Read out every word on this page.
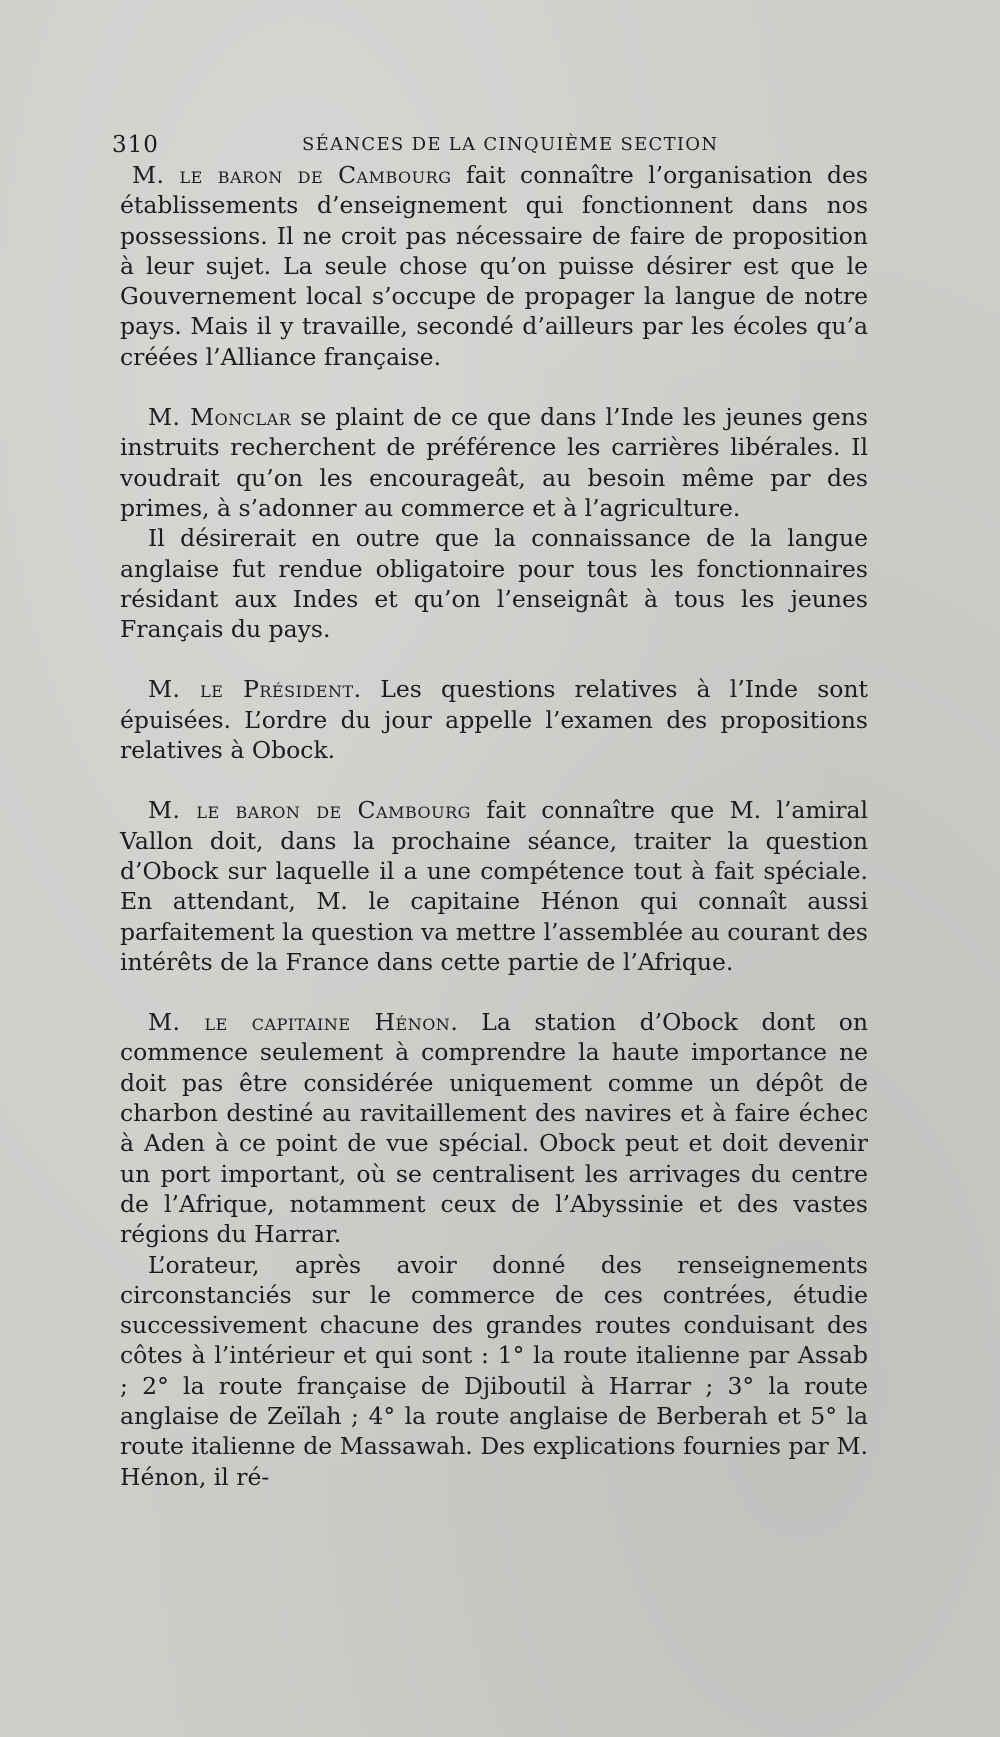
310	SÉANCES DE LA CINQUIÈME SECTION

M. le baron de Cambourg fait connaître l’organisation des établissements d’enseignement qui fonctionnent dans nos possessions. Il ne croit pas nécessaire de faire de proposition à leur sujet. La seule chose qu’on puisse désirer est que le Gouvernement local s’occupe de propager la langue de notre pays. Mais il y travaille, secondé d’ailleurs par les écoles qu’a créées l’Alliance française.

M. Monclar se plaint de ce que dans l’Inde les jeunes gens instruits recherchent de préférence les carrières libérales. Il voudrait qu’on les encourageât, au besoin même par des primes, à s’adonner au commerce et à l’agriculture.

Il désirerait en outre que la connaissance de la langue anglaise fut rendue obligatoire pour tous les fonctionnaires résidant aux Indes et qu’on l’enseignât à tous les jeunes Français du pays.

M. le Président. Les questions relatives à l’Inde sont épuisées. L’ordre du jour appelle l’examen des propositions relatives à Obock.

M. le baron de Cambourg fait connaître que M. l’amiral Vallon doit, dans la prochaine séance, traiter la question d’Obock sur laquelle il a une compétence tout à fait spéciale. En attendant, M. le capitaine Hénon qui connaît aussi parfaitement la question va mettre l’assemblée au courant des intérêts de la France dans cette partie de l’Afrique.

M. le capitaine Hénon. La station d’Obock dont on commence seulement à comprendre la haute importance ne doit pas être considérée uniquement comme un dépôt de charbon destiné au ravitaillement des navires et à faire échec à Aden à ce point de vue spécial. Obock peut et doit devenir un port important, où se centralisent les arrivages du centre de l’Afrique, notamment ceux de l’Abyssinie et des vastes régions du Harrar.

L’orateur, après avoir donné des renseignements circonstanciés sur le commerce de ces contrées, étudie successivement chacune des grandes routes conduisant des côtes à l’intérieur et qui sont : 1° la route italienne par Assab ; 2° la route française de Djiboutil à Harrar ; 3° la route anglaise de Zeïlah ; 4° la route anglaise de Berberah et 5° la route italienne de Massawah. Des explications fournies par M. Hénon, il ré-
